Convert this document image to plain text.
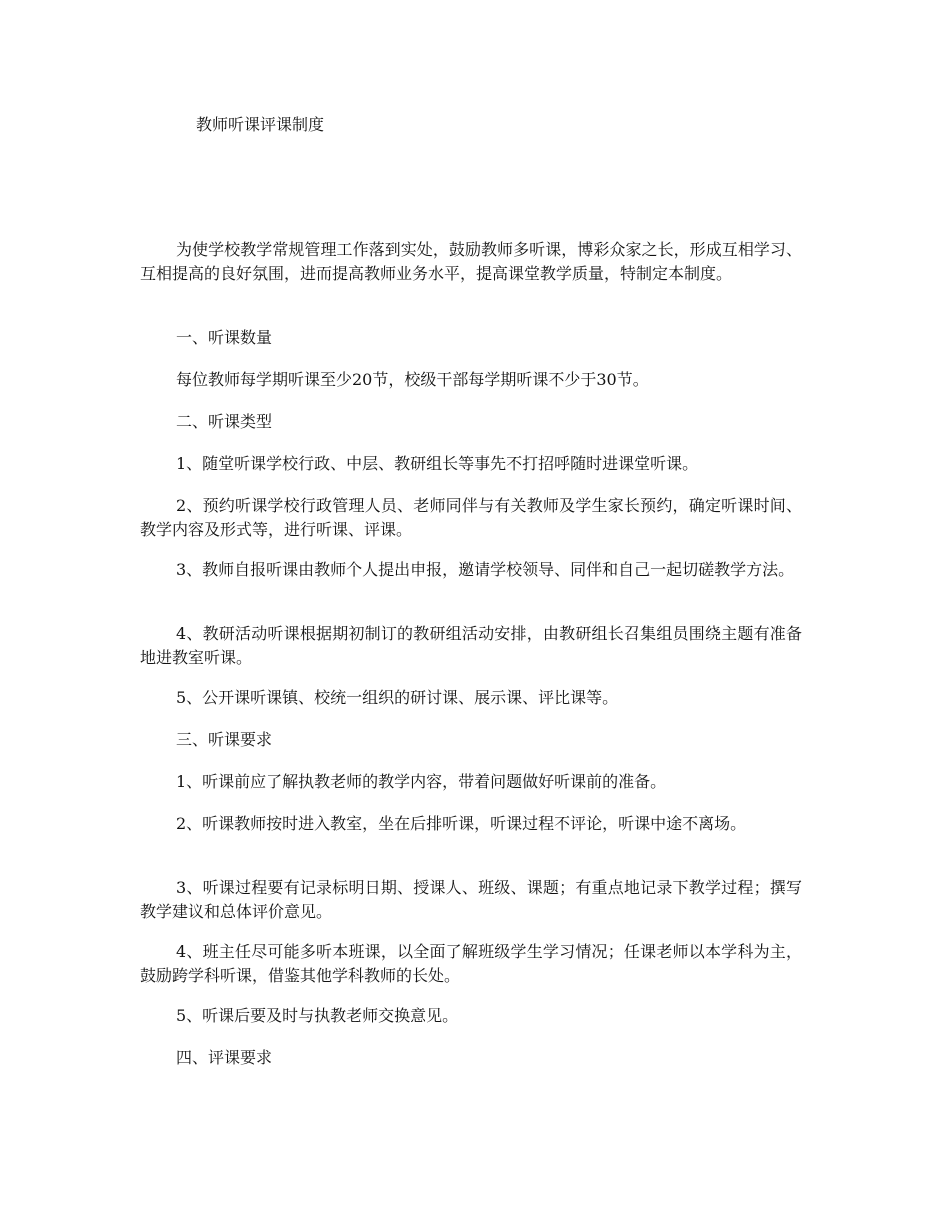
教师听课评课制度

为使学校教学常规管理工作落到实处，鼓励教师多听课，博彩众家之长，形成互相学习、互相提高的良好氛围，进而提高教师业务水平，提高课堂教学质量，特制定本制度。

一、听课数量

每位教师每学期听课至少20节，校级干部每学期听课不少于30节。

二、听课类型

1、随堂听课学校行政、中层、教研组长等事先不打招呼随时进课堂听课。

2、预约听课学校行政管理人员、老师同伴与有关教师及学生家长预约，确定听课时间、教学内容及形式等，进行听课、评课。

3、教师自报听课由教师个人提出申报，邀请学校领导、同伴和自己一起切磋教学方法。

4、教研活动听课根据期初制订的教研组活动安排，由教研组长召集组员围绕主题有准备地进教室听课。

5、公开课听课镇、校统一组织的研讨课、展示课、评比课等。

三、听课要求

1、听课前应了解执教老师的教学内容，带着问题做好听课前的准备。

2、听课教师按时进入教室，坐在后排听课，听课过程不评论，听课中途不离场。

3、听课过程要有记录标明日期、授课人、班级、课题；有重点地记录下教学过程；撰写教学建议和总体评价意见。

4、班主任尽可能多听本班课，以全面了解班级学生学习情况；任课老师以本学科为主，鼓励跨学科听课，借鉴其他学科教师的长处。

5、听课后要及时与执教老师交换意见。

四、评课要求
